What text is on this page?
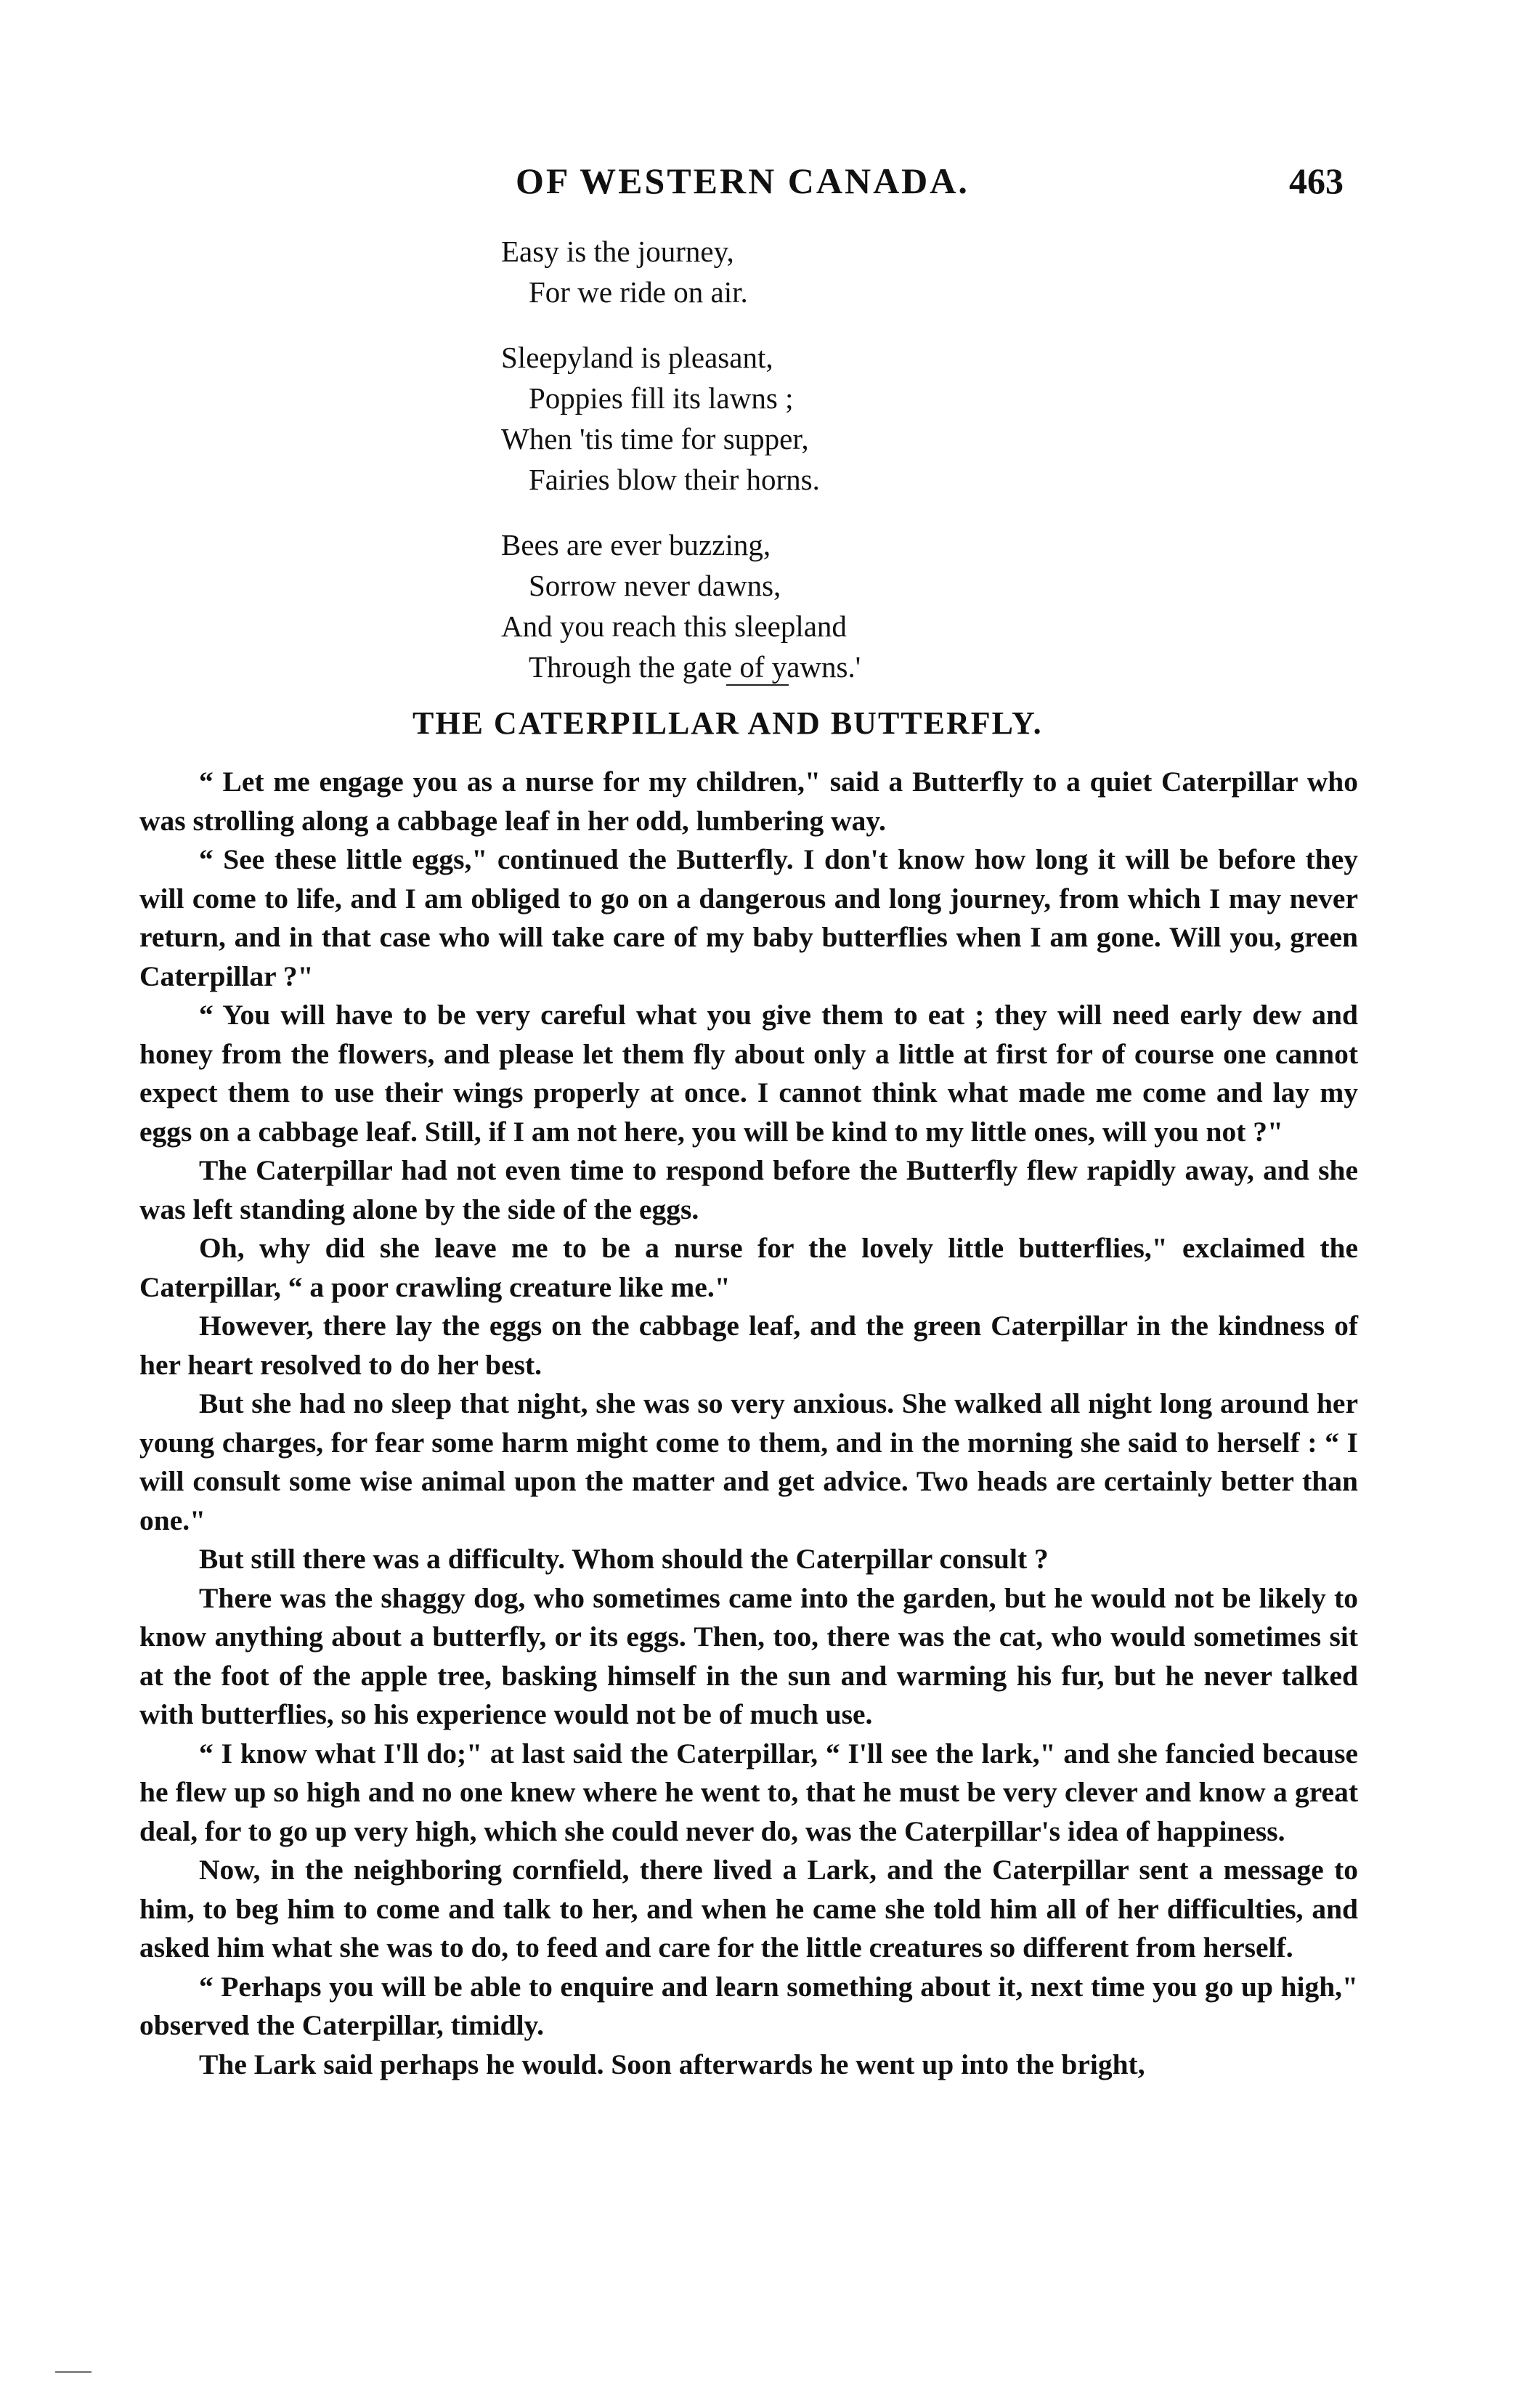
OF WESTERN CANADA.	463
Easy is the journey,
For we ride on air.
Sleepyland is pleasant,
Poppies fill its lawns ;
When 'tis time for supper,
Fairies blow their horns.
Bees are ever buzzing,
Sorrow never dawns,
And you reach this sleepland
Through the gate of yawns.'
THE CATERPILLAR AND BUTTERFLY.

“ Let me engage you as a nurse for my children," said a Butterfly to a quiet Caterpillar who was strolling along a cabbage leaf in her odd, lumbering way.

“ See these little eggs," continued the Butterfly. I don't know how long it will be before they will come to life, and I am obliged to go on a dangerous and long journey, from which I may never return, and in that case who will take care of my baby butterflies when I am gone. Will you, green Caterpillar ?"

“ You will have to be very careful what you give them to eat ; they will need early dew and honey from the flowers, and please let them fly about only a little at first for of course one cannot expect them to use their wings properly at once. I cannot think what made me come and lay my eggs on a cabbage leaf. Still, if I am not here, you will be kind to my little ones, will you not ?"

The Caterpillar had not even time to respond before the Butterfly flew rapidly away, and she was left standing alone by the side of the eggs.

Oh, why did she leave me to be a nurse for the lovely little butterflies," exclaimed the Caterpillar, “ a poor crawling creature like me."

However, there lay the eggs on the cabbage leaf, and the green Caterpillar in the kindness of her heart resolved to do her best.

But she had no sleep that night, she was so very anxious. She walked all night long around her young charges, for fear some harm might come to them, and in the morning she said to herself : “ I will consult some wise animal upon the matter and get advice. Two heads are certainly better than one."

But still there was a difficulty. Whom should the Caterpillar consult ?

There was the shaggy dog, who sometimes came into the garden, but he would not be likely to know anything about a butterfly, or its eggs. Then, too, there was the cat, who would sometimes sit at the foot of the apple tree, basking himself in the sun and warming his fur, but he never talked with butterflies, so his experience would not be of much use.

“ I know what I'll do;" at last said the Caterpillar, “ I'll see the lark," and she fancied because he flew up so high and no one knew where he went to, that he must be very clever and know a great deal, for to go up very high, which she could never do, was the Caterpillar's idea of happiness.

Now, in the neighboring cornfield, there lived a Lark, and the Caterpillar sent a message to him, to beg him to come and talk to her, and when he came she told him all of her difficulties, and asked him what she was to do, to feed and care for the little creatures so different from herself.

“ Perhaps you will be able to enquire and learn something about it, next time you go up high," observed the Caterpillar, timidly.

The Lark said perhaps he would. Soon afterwards he went up into the bright,
